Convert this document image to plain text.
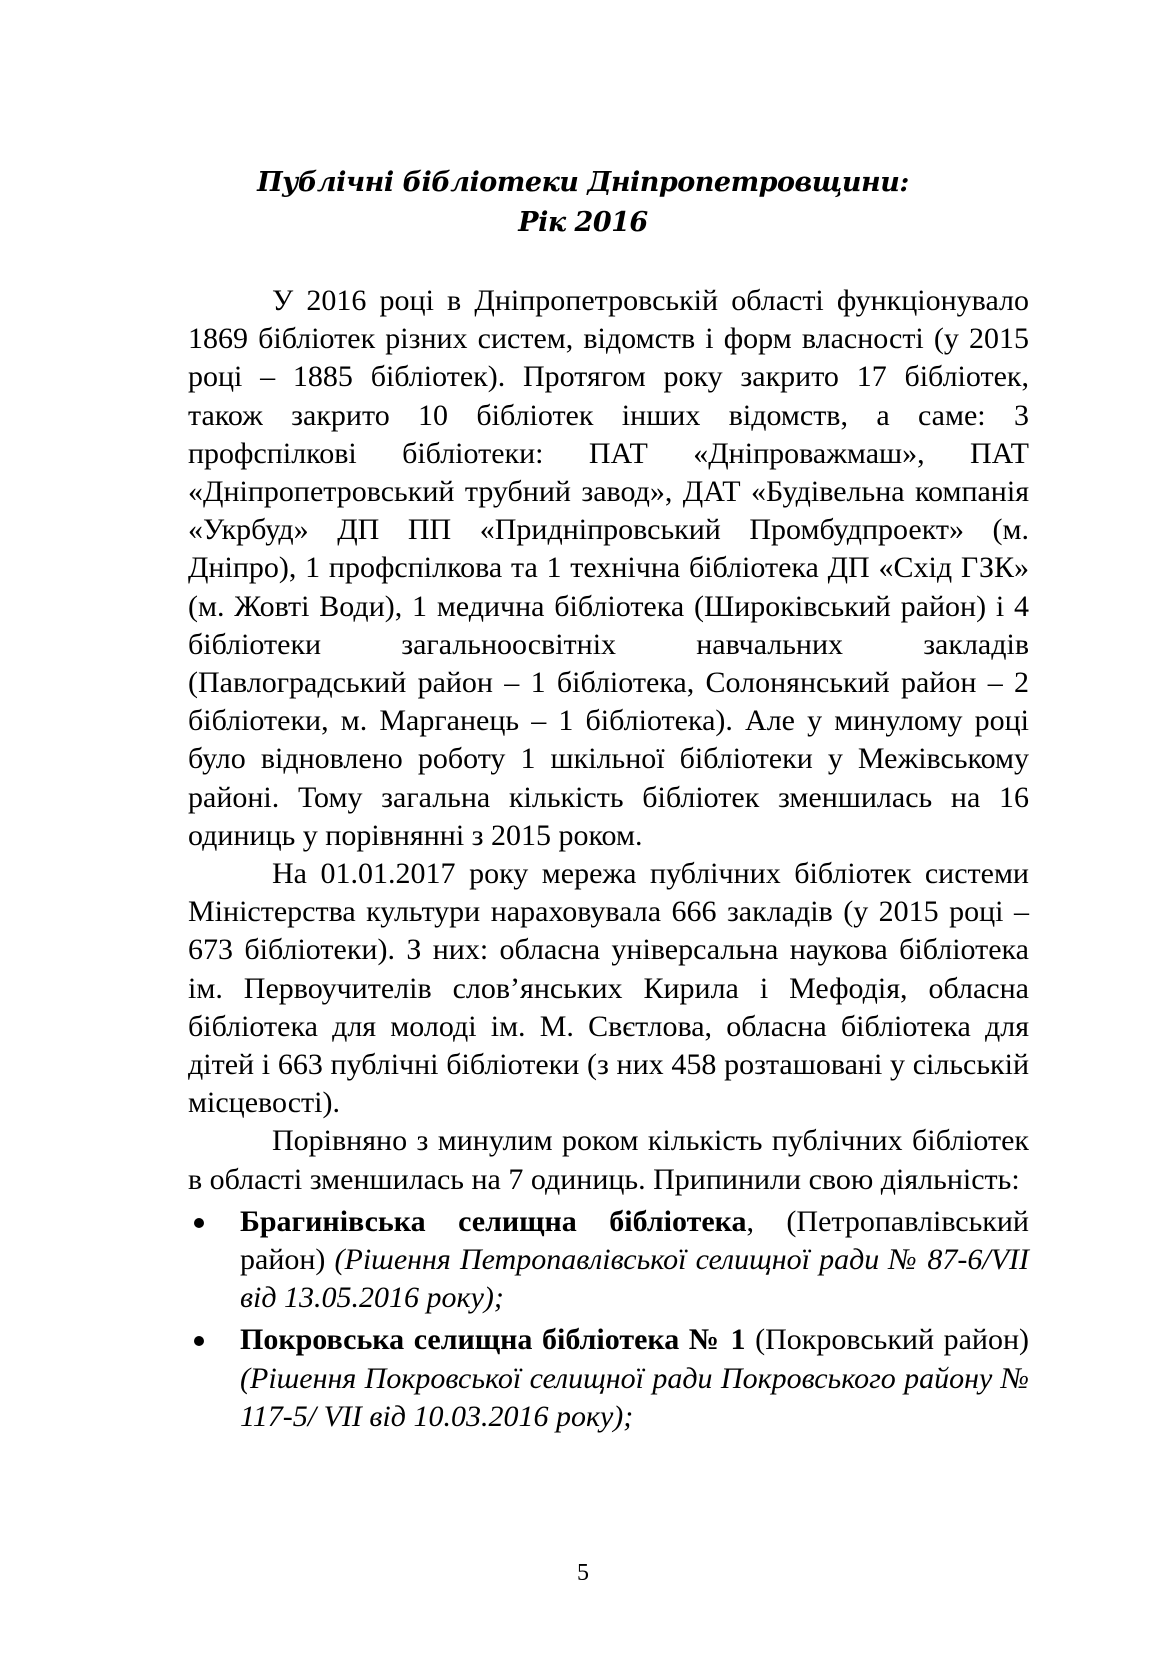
Публічні бібліотеки Дніпропетровщини:
Рік 2016

У 2016 році в Дніпропетровській області функціонувало 1869 бібліотек різних систем, відомств і форм власності (у 2015 році – 1885 бібліотек). Протягом року закрито 17 бібліотек, також закрито 10 бібліотек інших відомств, а саме: 3 профспілкові бібліотеки: ПАТ «Дніпроважмаш», ПАТ «Дніпропетровський трубний завод», ДАТ «Будівельна компанія «Укрбуд» ДП ПП «Придніпровський Промбудпроект» (м. Дніпро), 1 профспілкова та 1 технічна бібліотека ДП «Схід ГЗК» (м. Жовті Води), 1 медична бібліотека (Широківський район) і 4 бібліотеки загальноосвітніх навчальних закладів (Павлоградський район – 1 бібліотека, Солонянський район – 2 бібліотеки, м. Марганець – 1 бібліотека). Але у минулому році було відновлено роботу 1 шкільної бібліотеки у Межівському районі. Тому загальна кількість бібліотек зменшилась на 16 одиниць у порівнянні з 2015 роком.

На 01.01.2017 року мережа публічних бібліотек системи Міністерства культури нараховувала 666 закладів (у 2015 році – 673 бібліотеки). З них: обласна універсальна наукова бібліотека ім. Первоучителів слов’янських Кирила і Мефодія, обласна бібліотека для молоді ім. М. Свєтлова, обласна бібліотека для дітей і 663 публічні бібліотеки (з них 458 розташовані у сільській місцевості).

Порівняно з минулим роком кількість публічних бібліотек в області зменшилась на 7 одиниць. Припинили свою діяльність:

Брагинівська селищна бібліотека, (Петропавлівський район) (Рішення Петропавлівської селищної ради № 87-6/VII від 13.05.2016 року);
Покровська селищна бібліотека № 1 (Покровський район) (Рішення Покровської селищної ради Покровського району № 117-5/ VII від 10.03.2016 року);
5
